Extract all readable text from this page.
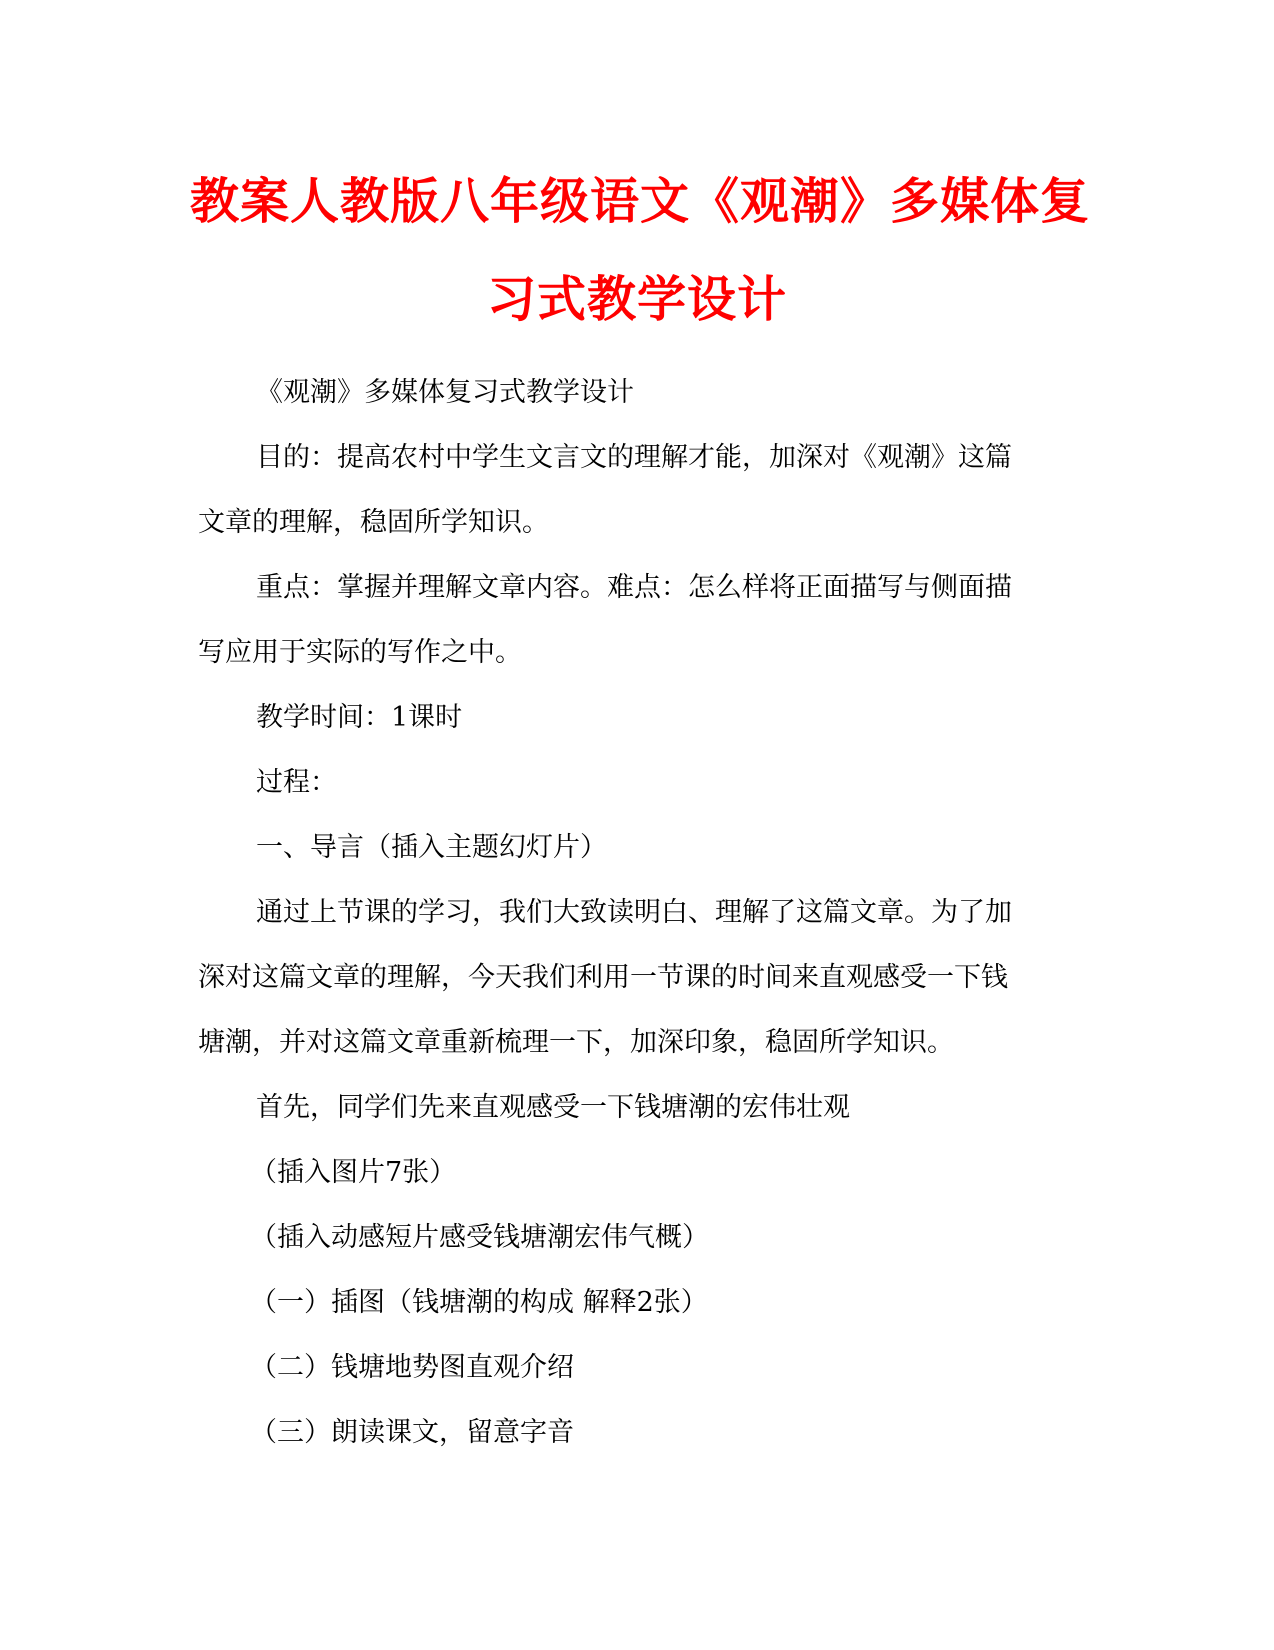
教案人教版八年级语文《观潮》多媒体复
习式教学设计

《观潮》多媒体复习式教学设计

目的：提高农村中学生文言文的理解才能，加深对《观潮》这篇

文章的理解，稳固所学知识。

重点：掌握并理解文章内容。难点：怎么样将正面描写与侧面描

写应用于实际的写作之中。

教学时间：1课时

过程：

一、导言（插入主题幻灯片）

通过上节课的学习，我们大致读明白、理解了这篇文章。为了加

深对这篇文章的理解，今天我们利用一节课的时间来直观感受一下钱

塘潮，并对这篇文章重新梳理一下，加深印象，稳固所学知识。

首先，同学们先来直观感受一下钱塘潮的宏伟壮观

（插入图片7张）

（插入动感短片感受钱塘潮宏伟气概）

（一）插图（钱塘潮的构成 解释2张）

（二）钱塘地势图直观介绍

（三）朗读课文，留意字音
